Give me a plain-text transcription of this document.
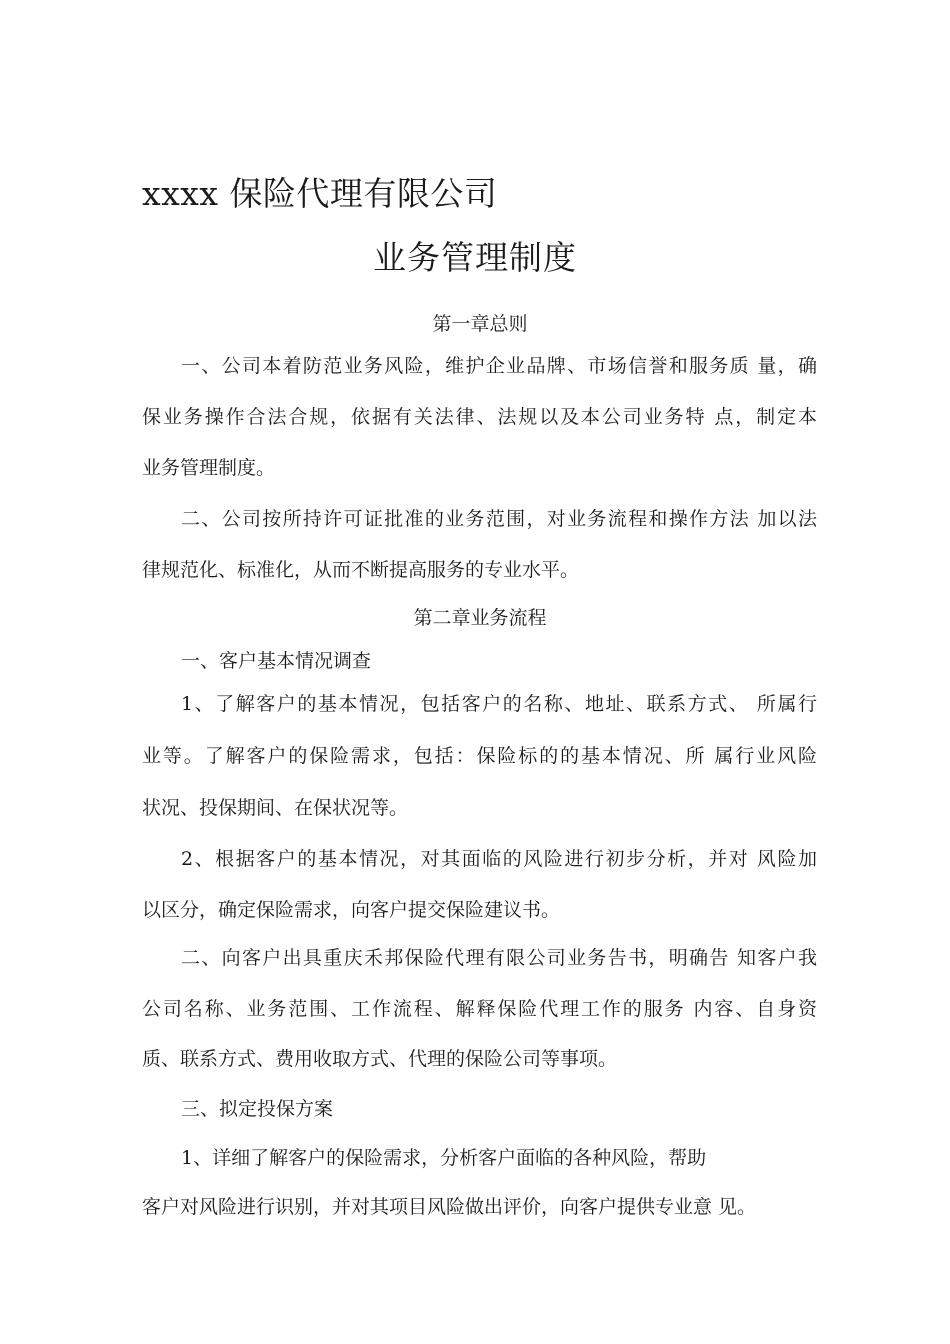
xxxx 保险代理有限公司
业务管理制度
第一章总则
一、公司本着防范业务风险，维护企业品牌、市场信誉和服务质 量，确
保业务操作合法合规，依据有关法律、法规以及本公司业务特 点，制定本
业务管理制度。
二、公司按所持许可证批准的业务范围，对业务流程和操作方法 加以法
律规范化、标准化，从而不断提高服务的专业水平。
第二章业务流程
一、客户基本情况调查
1、了解客户的基本情况，包括客户的名称、地址、联系方式、 所属行
业等。了解客户的保险需求，包括：保险标的的基本情况、所 属行业风险
状况、投保期间、在保状况等。
2、根据客户的基本情况，对其面临的风险进行初步分析，并对 风险加
以区分，确定保险需求，向客户提交保险建议书。
二、向客户出具重庆禾邦保险代理有限公司业务告书，明确告 知客户我
公司名称、业务范围、工作流程、解释保险代理工作的服务 内容、自身资
质、联系方式、费用收取方式、代理的保险公司等事项。
三、拟定投保方案
1、详细了解客户的保险需求，分析客户面临的各种风险，帮助
客户对风险进行识别，并对其项目风险做出评价，向客户提供专业意 见。
